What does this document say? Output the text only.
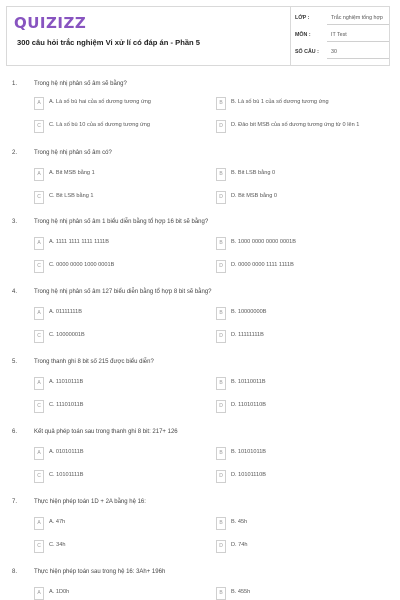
QUIZIZZ
300 câu hỏi trắc nghiệm Vi xử lí có đáp án - Phần 5
LỚP :	Trắc nghiệm tổng hợp
MÔN :	IT Test
SỐ CÂU : 30
1.	Trong hệ nhị phân số âm sẽ bằng?
A	A. Là số bù hai của số dương tương ứng	B	B. Là số bù 1 của số dương tương ứng
C	C. Là số bù 10 của số dương tương ứng	D	D. Đảo bit MSB của số dương tương ứng từ 0 lên 1
2.	Trong hệ nhị phân số âm có?
A	A. Bit MSB bằng 1	B	B. Bit LSB bằng 0
C	C. Bit LSB bằng 1	D	D. Bit MSB bằng 0
3.	Trong hệ nhị phân số âm 1 biểu diễn bằng tổ hợp 16 bit sẽ bằng?
A	A. 1111 1111 1111 1111B	B	B. 1000 0000 0000 0001B
C	C. 0000 0000 1000 0001B	D	D. 0000 0000 1111 1111B
4.	Trong hệ nhị phân số âm 127 biểu diễn bằng tổ hợp 8 bit sẽ bằng?
A	A. 01111111B	B	B. 10000000B
C	C. 10000001B	D	D. 11111111B
5.	Trong thanh ghi 8 bit số 215 được biểu diễn?
A	A. 11010111B	B	B. 10110011B
C	C. 11101011B	D	D. 11010110B
6.	Kết quả phép toán sau trong thanh ghi 8 bit: 217+ 126
A	A. 01010111B	B	B. 10101011B
C	C. 10101111B	D	D. 10101110B
7.	Thực hiện phép toán 1D + 2A bằng hệ 16:
A	A. 47h	B	B. 45h
C	C. 34h	D	D. 74h
8.	Thực hiện phép toán sau trong hệ 16: 3Ah+ 196h
A	A. 1D0h	B	B. 455h
